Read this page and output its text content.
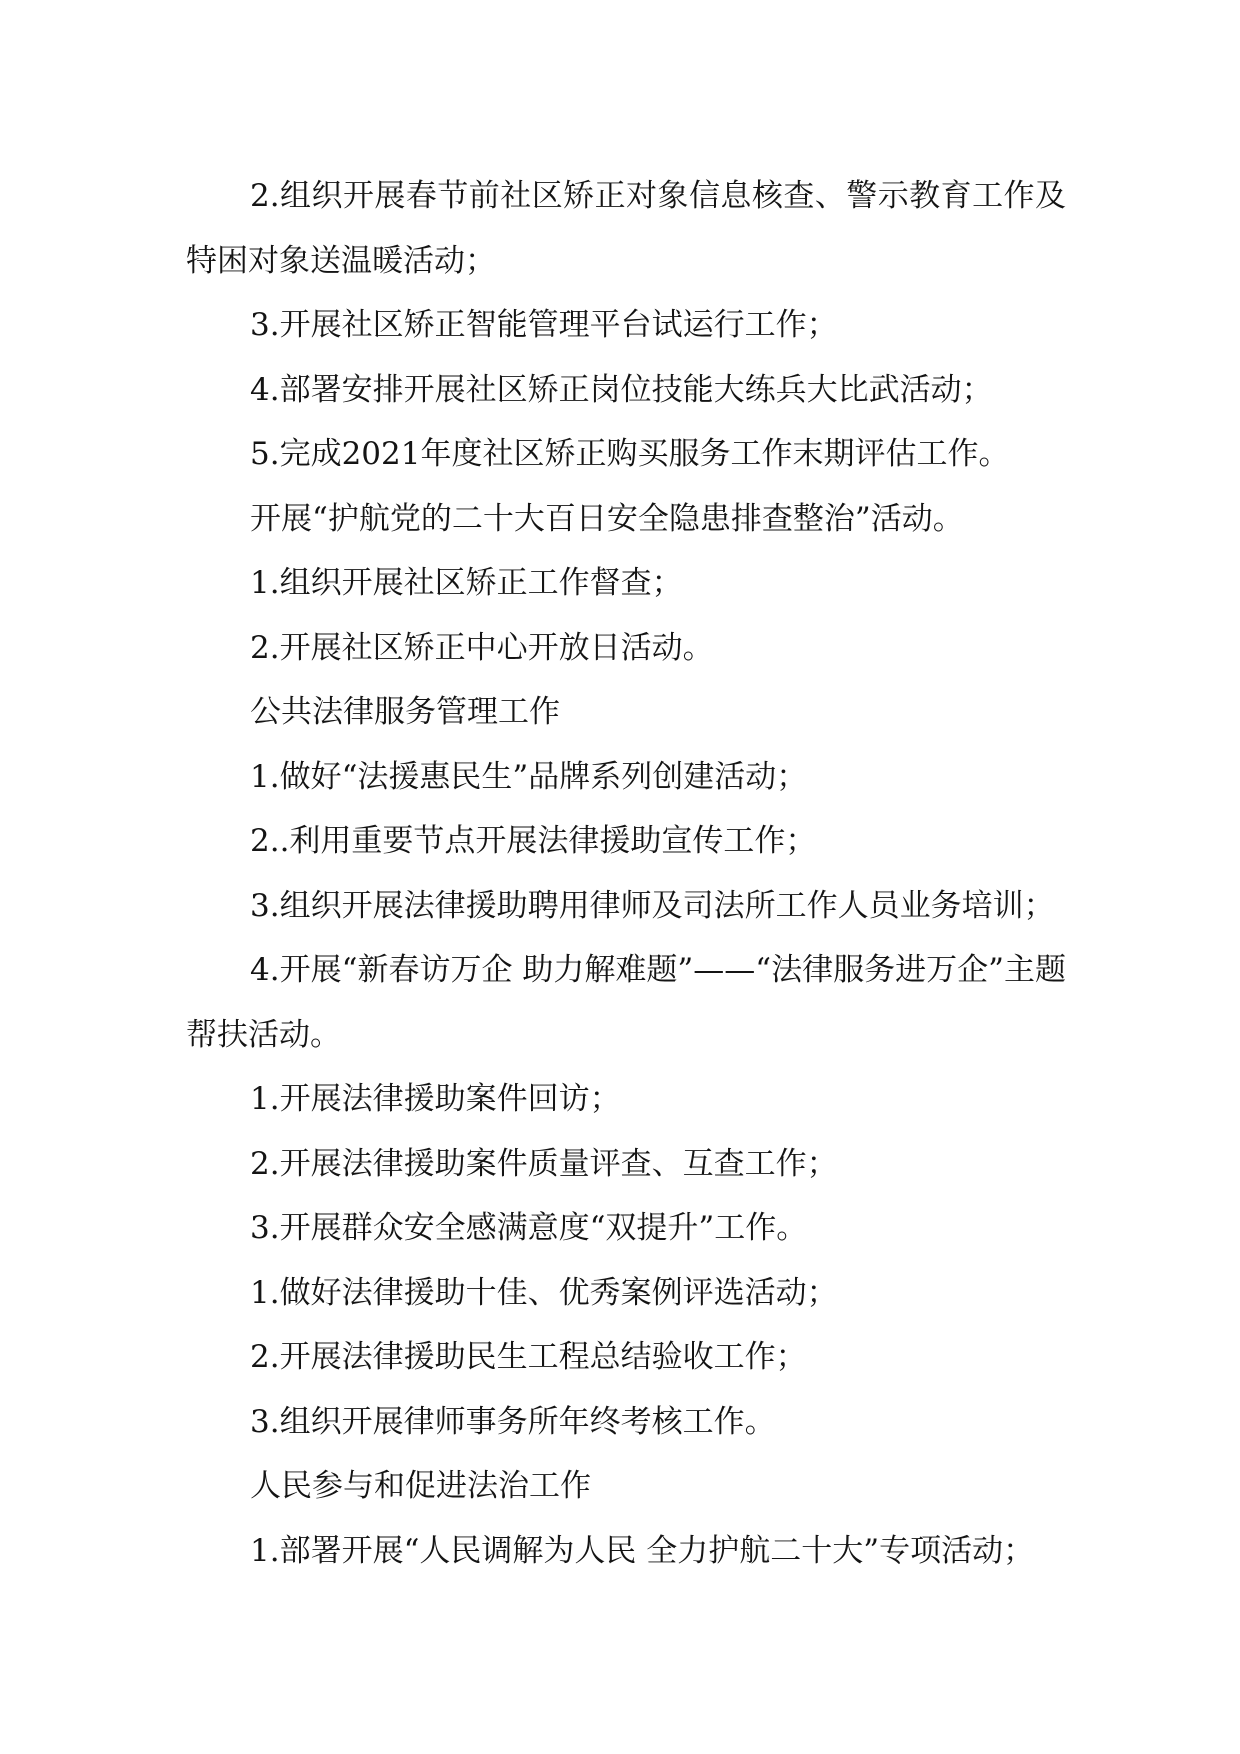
2.组织开展春节前社区矫正对象信息核查、警示教育工作及特困对象送温暖活动；

3.开展社区矫正智能管理平台试运行工作；

4.部署安排开展社区矫正岗位技能大练兵大比武活动；

5.完成2021年度社区矫正购买服务工作末期评估工作。

开展“护航党的二十大百日安全隐患排查整治”活动。

1.组织开展社区矫正工作督查；

2.开展社区矫正中心开放日活动。

公共法律服务管理工作

1.做好“法援惠民生”品牌系列创建活动；

2..利用重要节点开展法律援助宣传工作；

3.组织开展法律援助聘用律师及司法所工作人员业务培训；

4.开展“新春访万企 助力解难题”——“法律服务进万企”主题帮扶活动。

1.开展法律援助案件回访；

2.开展法律援助案件质量评查、互查工作；

3.开展群众安全感满意度“双提升”工作。

1.做好法律援助十佳、优秀案例评选活动；

2.开展法律援助民生工程总结验收工作；

3.组织开展律师事务所年终考核工作。

人民参与和促进法治工作

1.部署开展“人民调解为人民 全力护航二十大”专项活动；
